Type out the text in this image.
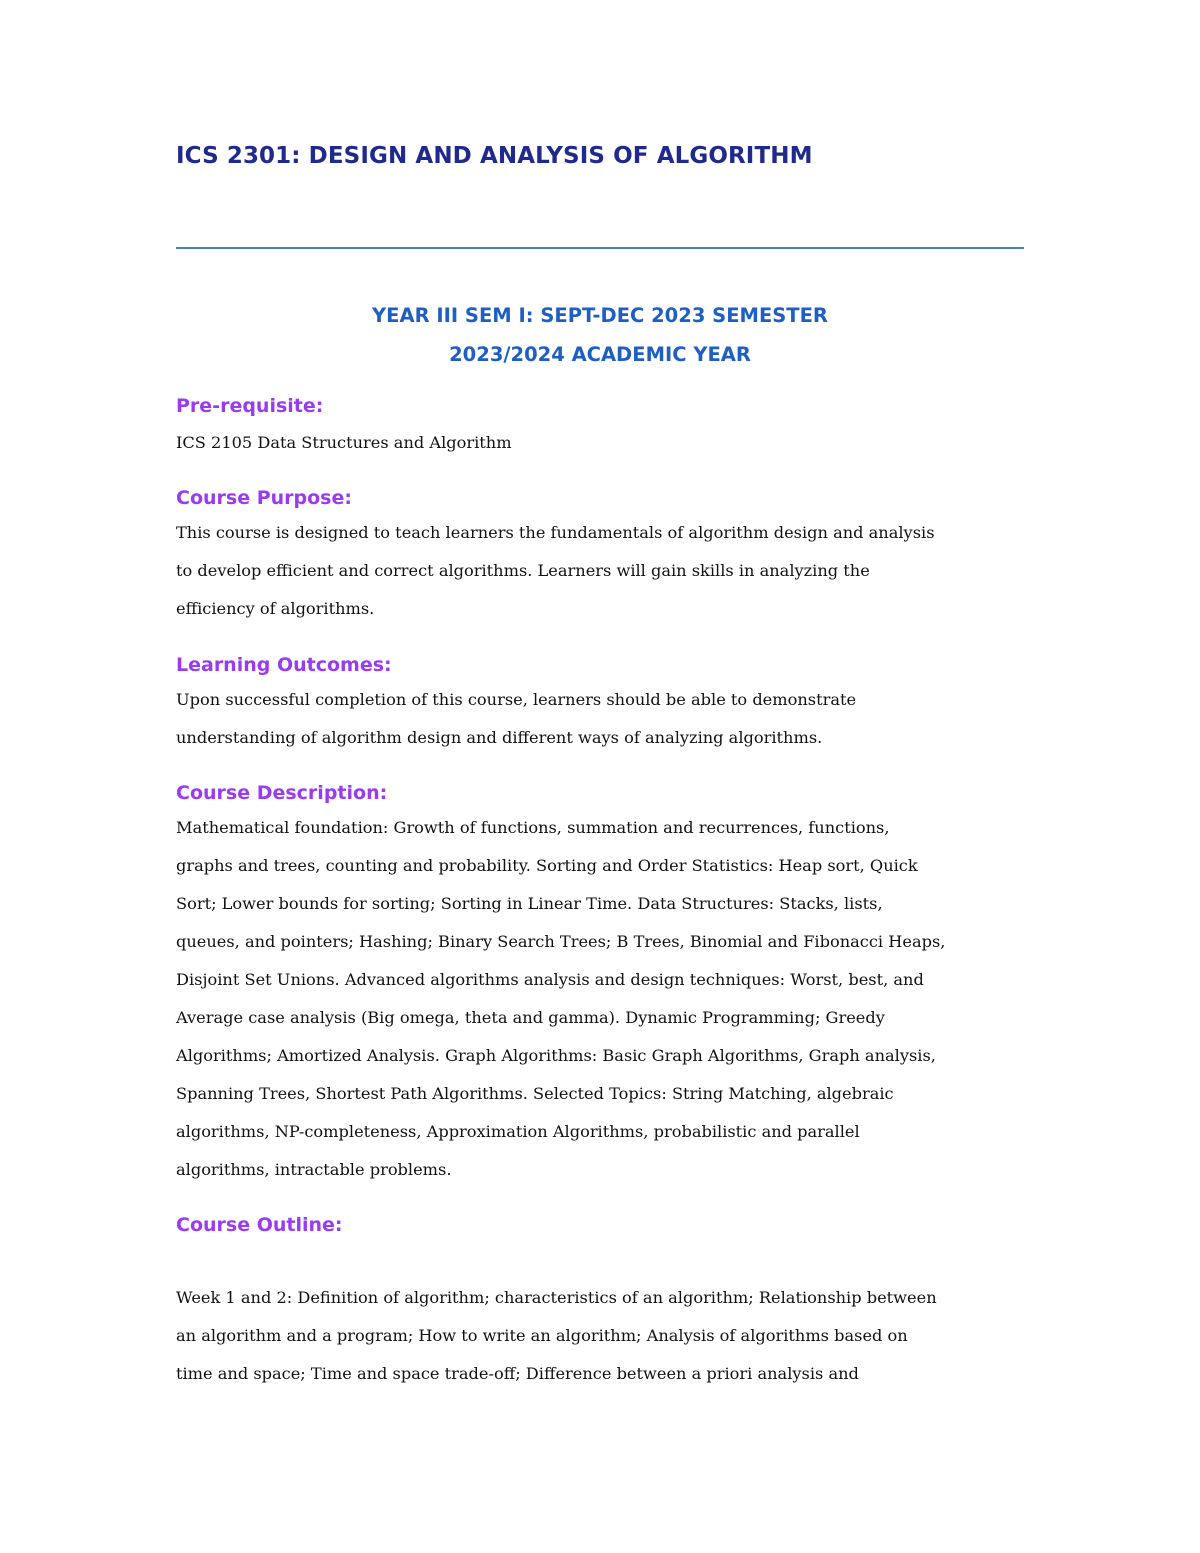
ICS 2301: DESIGN AND ANALYSIS OF ALGORITHM
YEAR III SEM I: SEPT-DEC 2023 SEMESTER
2023/2024 ACADEMIC YEAR
Pre-requisite:
ICS 2105 Data Structures and Algorithm
Course Purpose:
This course is designed to teach learners the fundamentals of algorithm design and analysis
to develop efficient and correct algorithms. Learners will gain skills in analyzing the
efficiency of algorithms.
Learning Outcomes:
Upon successful completion of this course, learners should be able to demonstrate
understanding of algorithm design and different ways of analyzing algorithms.
Course Description:
Mathematical foundation: Growth of functions, summation and recurrences, functions,
graphs and trees, counting and probability. Sorting and Order Statistics: Heap sort, Quick
Sort; Lower bounds for sorting; Sorting in Linear Time. Data Structures: Stacks, lists,
queues, and pointers; Hashing; Binary Search Trees; B Trees, Binomial and Fibonacci Heaps,
Disjoint Set Unions. Advanced algorithms analysis and design techniques: Worst, best, and
Average case analysis (Big omega, theta and gamma). Dynamic Programming; Greedy
Algorithms; Amortized Analysis. Graph Algorithms: Basic Graph Algorithms, Graph analysis,
Spanning Trees, Shortest Path Algorithms. Selected Topics: String Matching, algebraic
algorithms, NP-completeness, Approximation Algorithms, probabilistic and parallel
algorithms, intractable problems.
Course Outline:
Week 1 and 2: Definition of algorithm; characteristics of an algorithm; Relationship between
an algorithm and a program; How to write an algorithm; Analysis of algorithms based on
time and space; Time and space trade-off; Difference between a priori analysis and
